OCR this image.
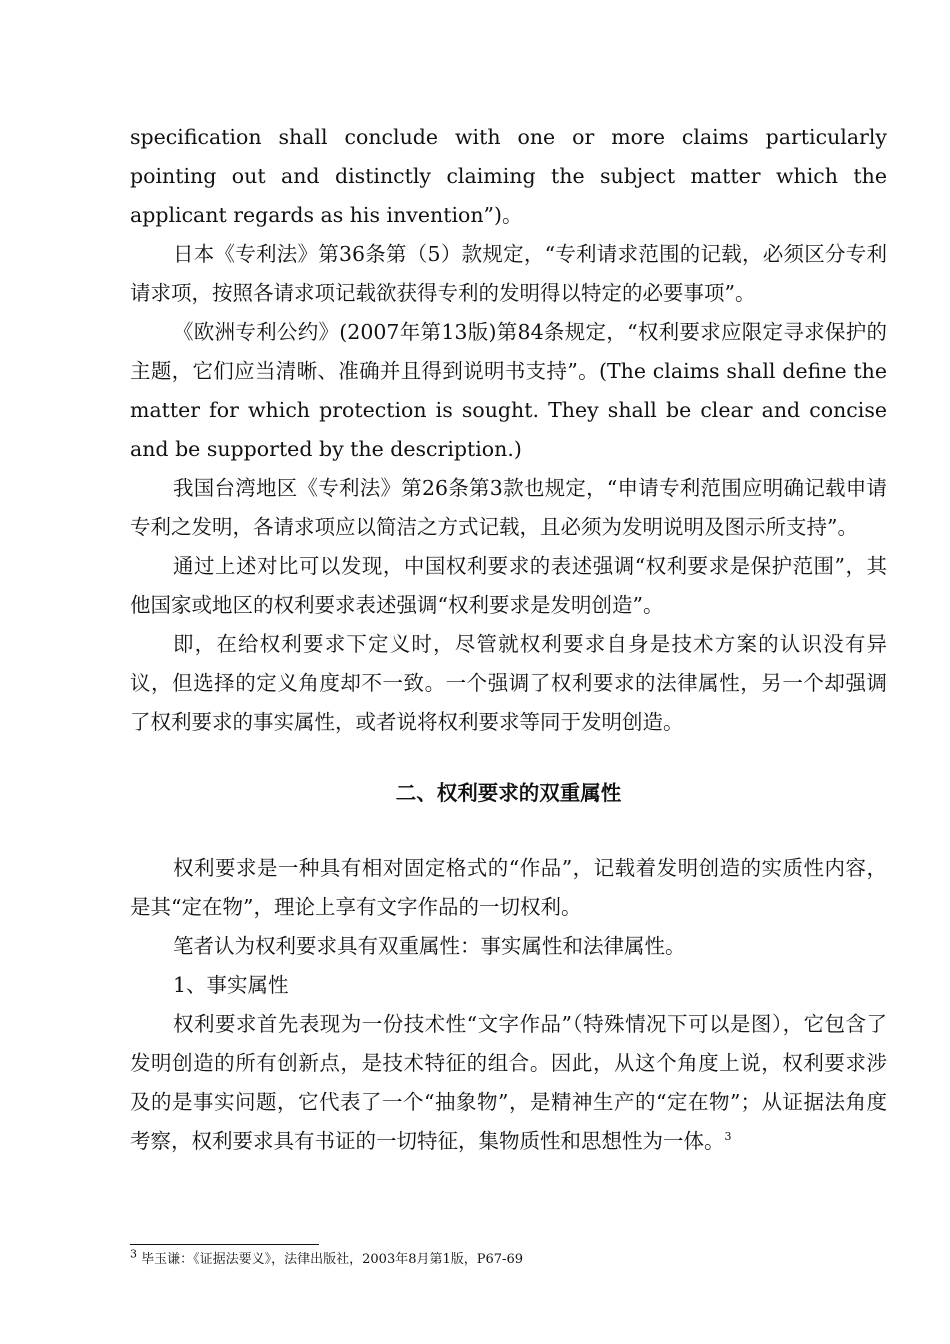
specification shall conclude with one or more claims particularly pointing out and distinctly claiming the subject matter which the applicant regards as his invention”)。

日本《专利法》第36条第（5）款规定，“专利请求范围的记载，必须区分专利请求项，按照各请求项记载欲获得专利的发明得以特定的必要事项”。

《欧洲专利公约》(2007年第13版)第84条规定，“权利要求应限定寻求保护的主题，它们应当清晰、准确并且得到说明书支持”。(The claims shall define the matter for which protection is sought. They shall be clear and concise and be supported by the description.)

我国台湾地区《专利法》第26条第3款也规定，“申请专利范围应明确记载申请专利之发明，各请求项应以简洁之方式记载，且必须为发明说明及图示所支持”。

通过上述对比可以发现，中国权利要求的表述强调“权利要求是保护范围”，其他国家或地区的权利要求表述强调“权利要求是发明创造”。

即，在给权利要求下定义时，尽管就权利要求自身是技术方案的认识没有异议，但选择的定义角度却不一致。一个强调了权利要求的法律属性，另一个却强调了权利要求的事实属性，或者说将权利要求等同于发明创造。

二、权利要求的双重属性

权利要求是一种具有相对固定格式的“作品”，记载着发明创造的实质性内容，是其“定在物”，理论上享有文字作品的一切权利。

笔者认为权利要求具有双重属性：事实属性和法律属性。

1、事实属性

权利要求首先表现为一份技术性“文字作品”（特殊情况下可以是图），它包含了发明创造的所有创新点，是技术特征的组合。因此，从这个角度上说，权利要求涉及的是事实问题，它代表了一个“抽象物”，是精神生产的“定在物”；从证据法角度考察，权利要求具有书证的一切特征，集物质性和思想性为一体。$^3$

$^3$ 毕玉谦：《证据法要义》，法律出版社，2003年8月第1版，P67-69
